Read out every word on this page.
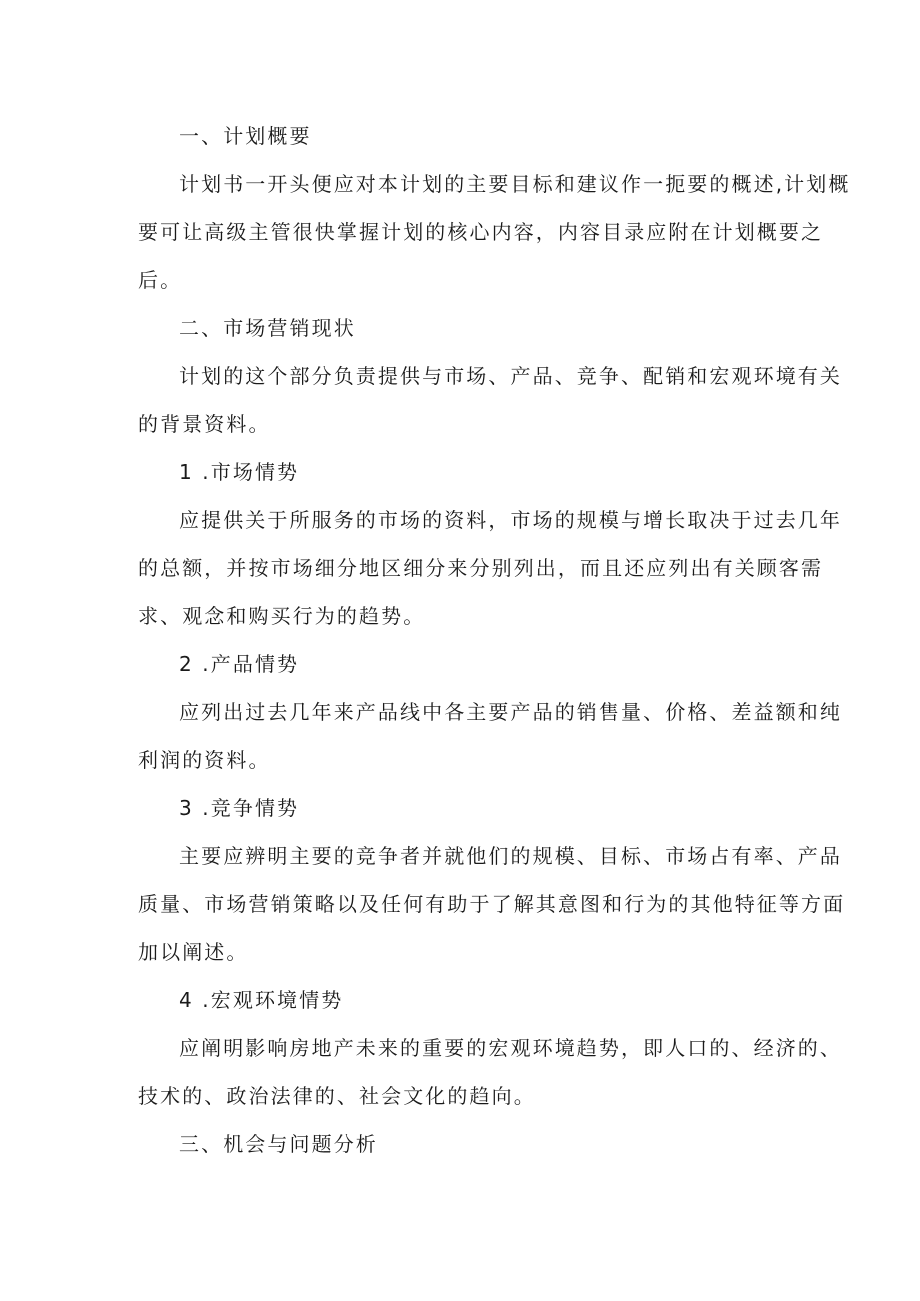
一、计划概要
计划书一开头便应对本计划的主要目标和建议作一扼要的概述,计划概
要可让高级主管很快掌握计划的核心内容，内容目录应附在计划概要之
后。
二、市场营销现状
计划的这个部分负责提供与市场、产品、竞争、配销和宏观环境有关
的背景资料。
1 .市场情势
应提供关于所服务的市场的资料，市场的规模与增长取决于过去几年
的总额，并按市场细分地区细分来分别列出，而且还应列出有关顾客需
求、观念和购买行为的趋势。
2 .产品情势
应列出过去几年来产品线中各主要产品的销售量、价格、差益额和纯
利润的资料。
3 .竞争情势
主要应辨明主要的竞争者并就他们的规模、目标、市场占有率、产品
质量、市场营销策略以及任何有助于了解其意图和行为的其他特征等方面
加以阐述。
4 .宏观环境情势
应阐明影响房地产未来的重要的宏观环境趋势，即人口的、经济的、
技术的、政治法律的、社会文化的趋向。
三、机会与问题分析
